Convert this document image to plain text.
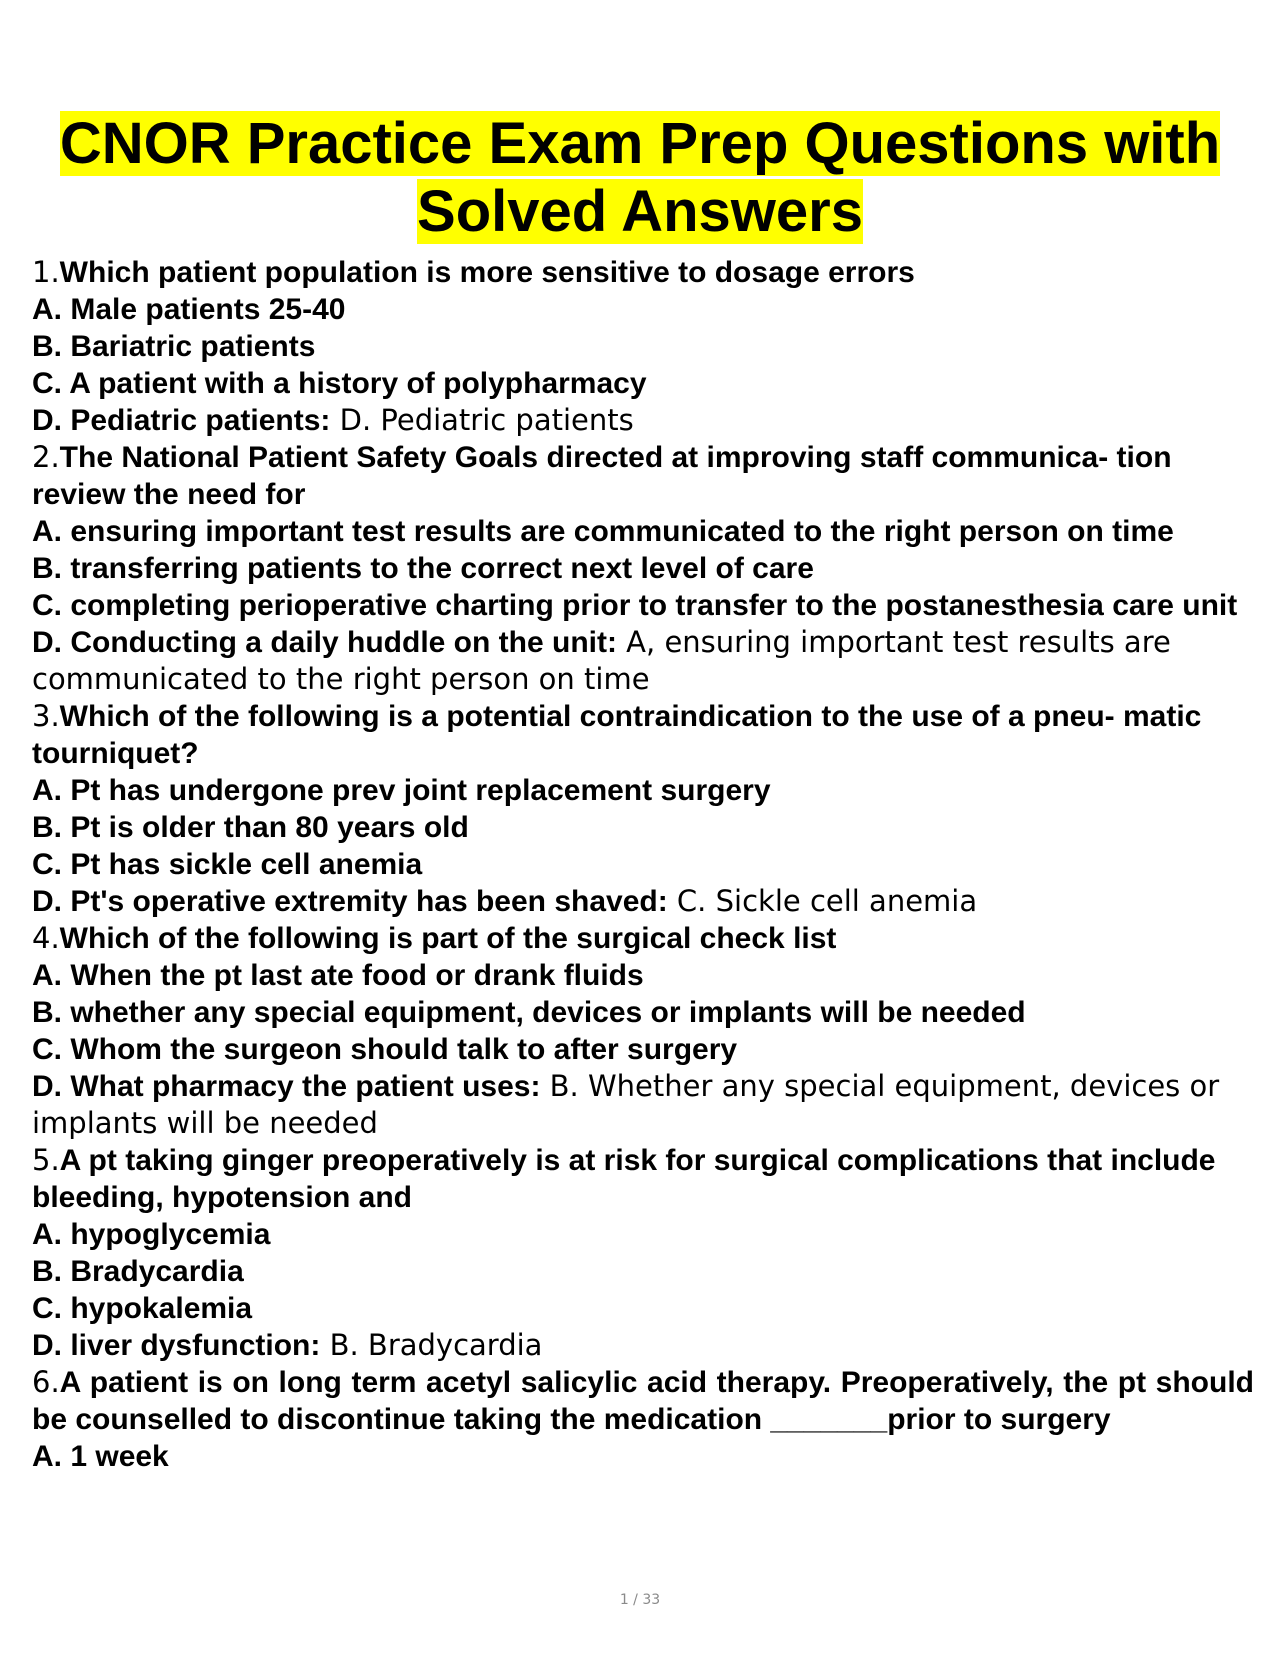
CNOR Practice Exam Prep Questions with
Solved Answers

1.Which patient population is more sensitive to dosage errors

A. Male patients 25-40

B. Bariatric patients

C. A patient with a history of polypharmacy

D. Pediatric patients: D. Pediatric patients

2.The National Patient Safety Goals directed at improving staff communica- tion review the need for

A. ensuring important test results are communicated to the right person on time

B. transferring patients to the correct next level of care

C. completing perioperative charting prior to transfer to the postanesthesia care unit

D. Conducting a daily huddle on the unit: A, ensuring important test results are communicated to the right person on time

3.Which of the following is a potential contraindication to the use of a pneu- matic tourniquet?

A. Pt has undergone prev joint replacement surgery

B. Pt is older than 80 years old

C. Pt has sickle cell anemia

D. Pt's operative extremity has been shaved: C. Sickle cell anemia

4.Which of the following is part of the surgical check list

A. When the pt last ate food or drank fluids

B. whether any special equipment, devices or implants will be needed

C. Whom the surgeon should talk to after surgery

D. What pharmacy the patient uses: B. Whether any special equipment, devices or implants will be needed

5.A pt taking ginger preoperatively is at risk for surgical complications that include bleeding, hypotension and

A. hypoglycemia

B. Bradycardia

C. hypokalemia

D. liver dysfunction: B. Bradycardia

6.A patient is on long term acetyl salicylic acid therapy. Preoperatively, the pt should be counselled to discontinue taking the medication _______prior to surgery

A. 1 week

1 / 33
